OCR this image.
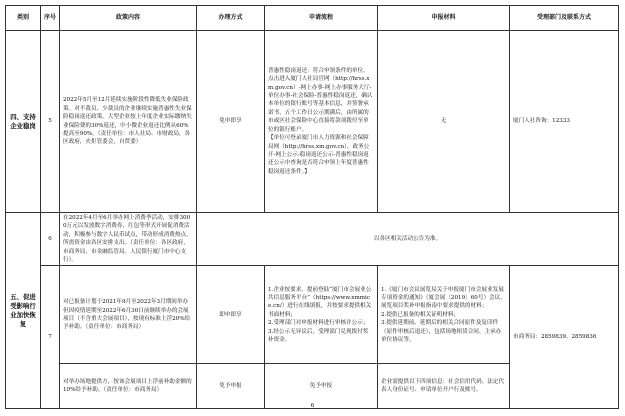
类别	序号	政策内容	办理方式	申请流程	申报材料	受理部门及联系方式
四、支持企业稳岗	5	2022年5月至12月延续实施阶段性降低失业保险政策。对不裁员、少裁员的企业继续实施普惠性失业保险稳岗返还政策，大型企业按上年度企业实际缴纳失业保险费的30%返还，中小微企业返还比例从60%提高至90%。（责任单位：市人社局、市财政局，各区政府，火炬管委会，自贸委）	免申即享	普惠性稳岗返还：符合申领条件的单位，点击进入厦门人社局官网（http://hrss.xm.gov.cn）-网上办事-网上办事服务大厅-单位办事-社会保险-普惠性稳岗返还，确认本单位的银行账号等基本信息，并签署承诺书，五个工作日公示期满后，由所属的市或区社会保险中心直接将款项拨付至单位的银行账户。
【单位可登录厦门市人力资源和社会保障局网（http://hrss.xm.gov.cn），政务公开-网上公示-稳岗返还公示-普惠性稳岗返还公示中查询是否符合申领上年度普惠性稳岗返还条件。】	无	厦门人社咨询：12333
五、促进受影响行业加快恢复	6	在2022年4月至6月举办网上消费季活动，安排3000万元以发放数字消费券、红包等形式开展促消费活动，积极参与数字人民币试点，带动形成消费热点，所需资金由各区安排支出。（责任单位：各区政府，市商务局，市金融监管局、人民银行厦门市中心支行）。	以各区相关活动公告为准。			
	7	对已报备计划于2021年9月至2022年3月期间举办但因疫情延期至2022年6月30日前继续举办的会展项目（不含重大会展项目），按现有标准上浮20%给予补助。（责任单位：市商务局）	即申即享	1.企业按要求，提前登陆“厦门市会展业公共信息服务平台”（https://www.xmmice.cn/）进行在线填报，并按要求提供相关书面材料；
2.受理部门对申报材料进行审核并公示；
3.经公示无异议后，受理部门兑现拨付奖补资金。	1.《厦门市会议展览局关于申报厦门市会展业发展专项资金的通知》（厦会展〔2019〕60号）会议、展览项目奖补申报指南中要求提供的材料；
2.提供已报备的相关证明材料；
3.提供延期前、延期后的相关合同原件及复印件（原件审核后退还），包括场地租赁合同、主承办单位协议等。	市商务局：2859839、2859836
		对举办场地提供方，按该会展项目上浮前补助金额的10%给予补助。（责任单位：市商务局）	免予申报	免予申报	企业需提供以下四项信息：社会信用代码、法定代表人身份证号、申请单位开户行及账号。	
6
